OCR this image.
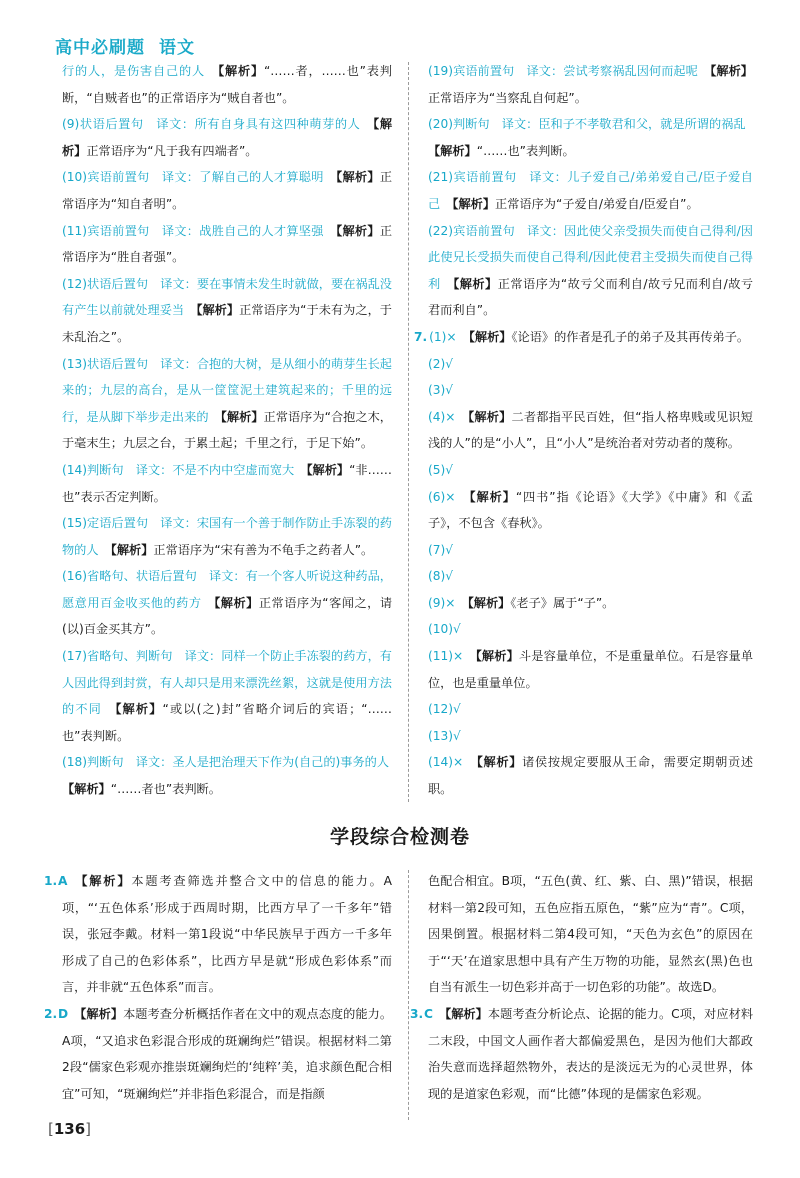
高中必刷题 语文
行的人，是伤害自己的人　【解析】“……者，……也”表判断，“自贼者也”的正常语序为“贼自者也”。
(9)状语后置句　译文：所有自身具有这四种萌芽的人　【解析】正常语序为“凡于我有四端者”。
(10)宾语前置句　译文：了解自己的人才算聪明　【解析】正常语序为“知自者明”。
(11)宾语前置句　译文：战胜自己的人才算坚强　【解析】正常语序为“胜自者强”。
(12)状语后置句　译文：要在事情未发生时就做，要在祸乱没有产生以前就处理妥当　【解析】正常语序为“于未有为之，于未乱治之”。
(13)状语后置句　译文：合抱的大树，是从细小的萌芽生长起来的；九层的高台，是从一筐筐泥土建筑起来的；千里的远行，是从脚下举步走出来的　【解析】正常语序为“合抱之木，于毫末生；九层之台，于累土起；千里之行，于足下始”。
(14)判断句　译文：不是不内中空虚而宽大　【解析】“非……也”表示否定判断。
(15)定语后置句　译文：宋国有一个善于制作防止手冻裂的药物的人　【解析】正常语序为“宋有善为不龟手之药者人”。
(16)省略句、状语后置句　译文：有一个客人听说这种药品，愿意用百金收买他的药方　【解析】正常语序为“客闻之，请(以)百金买其方”。
(17)省略句、判断句　译文：同样一个防止手冻裂的药方，有人因此得到封赏，有人却只是用来漂洗丝絮，这就是使用方法的不同　【解析】“或以(之)封”省略介词后的宾语；“……也”表判断。
(18)判断句　译文：圣人是把治理天下作为(自己的)事务的人　【解析】“……者也”表判断。
(19)宾语前置句　译文：尝试考察祸乱因何而起呢　【解析】正常语序为“当察乱自何起”。
(20)判断句　译文：臣和子不孝敬君和父，就是所谓的祸乱　【解析】“……也”表判断。
(21)宾语前置句　译文：儿子爱自己/弟弟爱自己/臣子爱自己　【解析】正常语序为“子爱自/弟爱自/臣爱自”。
(22)宾语前置句　译文：因此使父亲受损失而使自己得利/因此使兄长受损失而使自己得利/因此使君主受损失而使自己得利　【解析】正常语序为“故亏父而利自/故亏兄而利自/故亏君而利自”。
7. (1)×　【解析】《论语》的作者是孔子的弟子及其再传弟子。
(2)√
(3)√
(4)×　【解析】二者都指平民百姓，但“指人格卑贱或见识短浅的人”的是“小人”，且“小人”是统治者对劳动者的蔑称。
(5)√
(6)×　【解析】“四书”指《论语》《大学》《中庸》和《孟子》，不包含《春秋》。
(7)√
(8)√
(9)×　【解析】《老子》属于“子”。
(10)√
(11)×　【解析】斗是容量单位，不是重量单位。石是容量单位，也是重量单位。
(12)√
(13)√
(14)×　【解析】诸侯按规定要服从王命，需要定期朝贡述职。
学段综合检测卷
1.A 【解析】本题考查筛选并整合文中的信息的能力。A项，“‘五色体系’形成于西周时期，比西方早了一千多年”错误，张冠李戴。材料一第1段说“中华民族早于西方一千多年形成了自己的色彩体系”，比西方早是就“形成色彩体系”而言，并非就“五色体系”而言。
2.D 【解析】本题考查分析概括作者在文中的观点态度的能力。A项，“又追求色彩混合形成的斑斓绚烂”错误。根据材料二第2段“儒家色彩观亦推崇斑斓绚烂的‘纯粹’美，追求颜色配合相宜”可知，“斑斓绚烂”并非指色彩混合，而是指颜
色配合相宜。B项，“五色(黄、红、紫、白、黑)”错误，根据材料一第2段可知，五色应指五原色，“紫”应为“青”。C项，因果倒置。根据材料二第4段可知，“天色为玄色”的原因在于“‘天’在道家思想中具有产生万物的功能，显然玄(黑)色也自当有派生一切色彩并高于一切色彩的功能”。故选D。
3.C 【解析】本题考查分析论点、论据的能力。C项，对应材料二末段，中国文人画作者大都偏爱黑色，是因为他们大都政治失意而选择超然物外，表达的是淡远无为的心灵世界，体现的是道家色彩观，而“比德”体现的是儒家色彩观。
[136]
